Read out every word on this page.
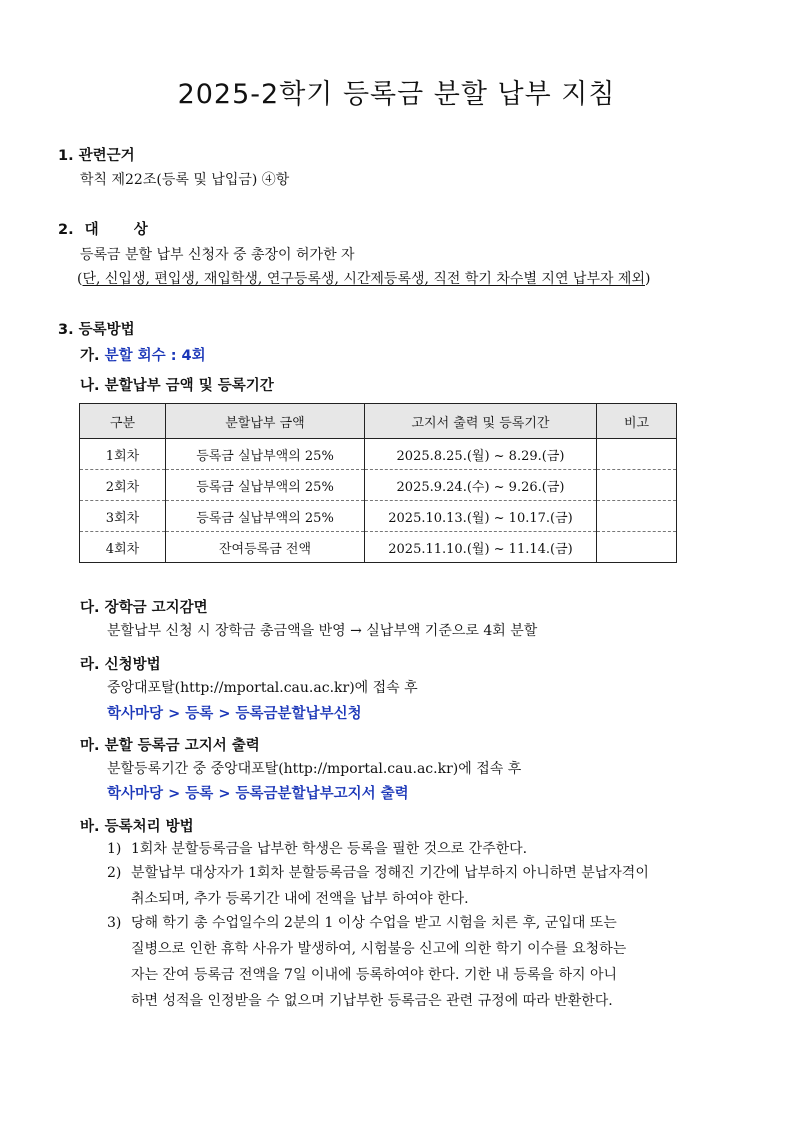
2025-2학기 등록금 분할 납부 지침
1. 관련근거
학칙 제22조(등록 및 납입금) ④항
2. 대 상
등록금 분할 납부 신청자 중 총장이 허가한 자
(단, 신입생, 편입생, 재입학생, 연구등록생, 시간제등록생, 직전 학기 차수별 지연 납부자 제외)
3. 등록방법
가. 분할 회수 : 4회
나. 분할납부 금액 및 등록기간
구분	분할납부 금액	고지서 출력 및 등록기간	비고
1회차	등록금 실납부액의 25%	2025.8.25.(월) ~ 8.29.(금)	
2회차	등록금 실납부액의 25%	2025.9.24.(수) ~ 9.26.(금)	
3회차	등록금 실납부액의 25%	2025.10.13.(월) ~ 10.17.(금)	
4회차	잔여등록금 전액	2025.11.10.(월) ~ 11.14.(금)	
다. 장학금 고지감면
분할납부 신청 시 장학금 총금액을 반영 → 실납부액 기준으로 4회 분할
라. 신청방법
중앙대포탈(http://mportal.cau.ac.kr)에 접속 후
학사마당 > 등록 > 등록금분할납부신청
마. 분할 등록금 고지서 출력
분할등록기간 중 중앙대포탈(http://mportal.cau.ac.kr)에 접속 후
학사마당 > 등록 > 등록금분할납부고지서 출력
바. 등록처리 방법
1) 1회차 분할등록금을 납부한 학생은 등록을 필한 것으로 간주한다.
2) 분할납부 대상자가 1회차 분할등록금을 정해진 기간에 납부하지 아니하면 분납자격이
취소되며, 추가 등록기간 내에 전액을 납부 하여야 한다.
3) 당해 학기 총 수업일수의 2분의 1 이상 수업을 받고 시험을 치른 후, 군입대 또는
질병으로 인한 휴학 사유가 발생하여, 시험불응 신고에 의한 학기 이수를 요청하는
자는 잔여 등록금 전액을 7일 이내에 등록하여야 한다. 기한 내 등록을 하지 아니
하면 성적을 인정받을 수 없으며 기납부한 등록금은 관련 규정에 따라 반환한다.
